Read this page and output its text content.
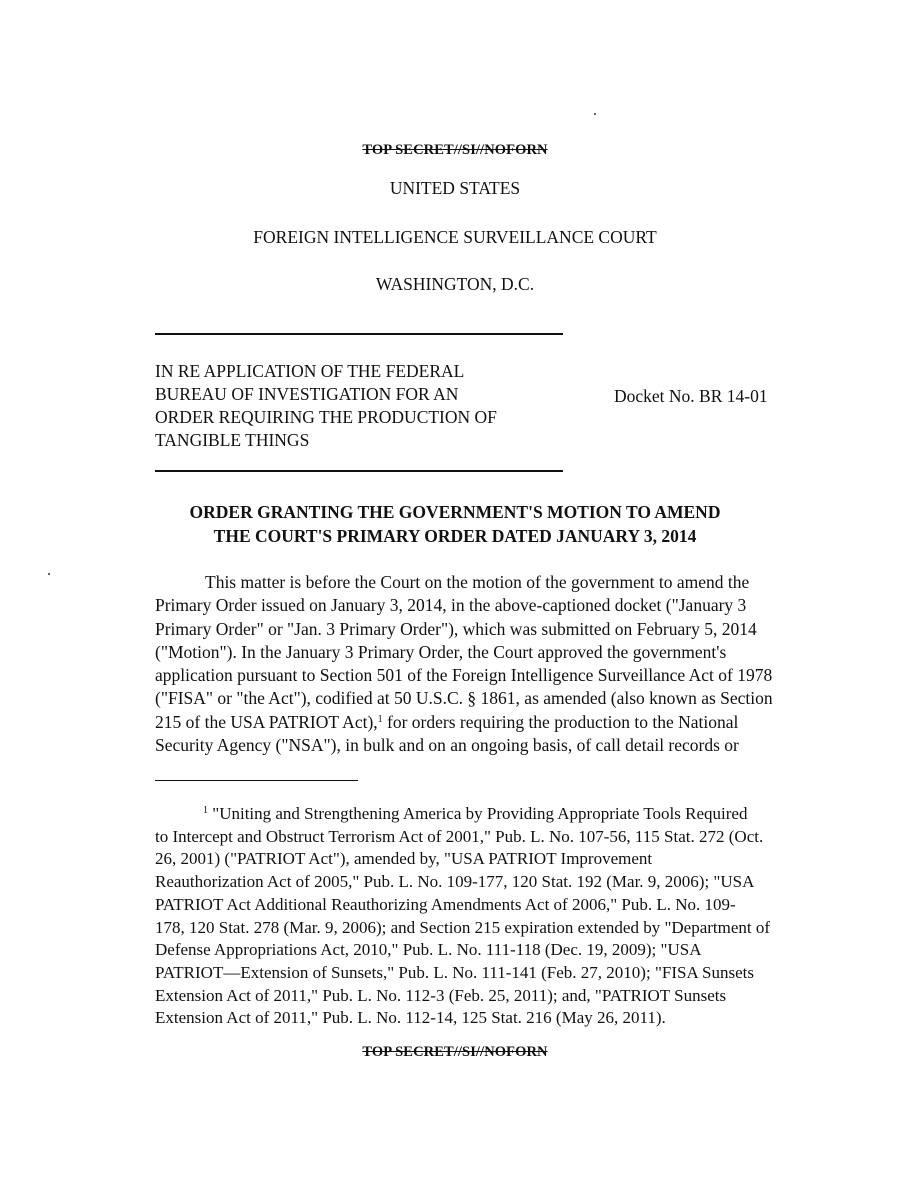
TOP SECRET//SI//NOFORN
UNITED STATES
FOREIGN INTELLIGENCE SURVEILLANCE COURT
WASHINGTON, D.C.
IN RE APPLICATION OF THE FEDERAL
BUREAU OF INVESTIGATION FOR AN
ORDER REQUIRING THE PRODUCTION OF
TANGIBLE THINGS
Docket No. BR 14-01
ORDER GRANTING THE GOVERNMENT'S MOTION TO AMEND
THE COURT'S PRIMARY ORDER DATED JANUARY 3, 2014
This matter is before the Court on the motion of the government to amend the
Primary Order issued on January 3, 2014, in the above-captioned docket ("January 3
Primary Order" or "Jan. 3 Primary Order"), which was submitted on February 5, 2014
("Motion"). In the January 3 Primary Order, the Court approved the government's
application pursuant to Section 501 of the Foreign Intelligence Surveillance Act of 1978
("FISA" or "the Act"), codified at 50 U.S.C. § 1861, as amended (also known as Section
215 of the USA PATRIOT Act),$^1$ for orders requiring the production to the National
Security Agency ("NSA"), in bulk and on an ongoing basis, of call detail records or
$^1$ "Uniting and Strengthening America by Providing Appropriate Tools Required
to Intercept and Obstruct Terrorism Act of 2001," Pub. L. No. 107-56, 115 Stat. 272 (Oct.
26, 2001) ("PATRIOT Act"), amended by, "USA PATRIOT Improvement
Reauthorization Act of 2005," Pub. L. No. 109-177, 120 Stat. 192 (Mar. 9, 2006); "USA
PATRIOT Act Additional Reauthorizing Amendments Act of 2006," Pub. L. No. 109-
178, 120 Stat. 278 (Mar. 9, 2006); and Section 215 expiration extended by "Department of
Defense Appropriations Act, 2010," Pub. L. No. 111-118 (Dec. 19, 2009); "USA
PATRIOT—Extension of Sunsets," Pub. L. No. 111-141 (Feb. 27, 2010); "FISA Sunsets
Extension Act of 2011," Pub. L. No. 112-3 (Feb. 25, 2011); and, "PATRIOT Sunsets
Extension Act of 2011," Pub. L. No. 112-14, 125 Stat. 216 (May 26, 2011).
TOP SECRET//SI//NOFORN
